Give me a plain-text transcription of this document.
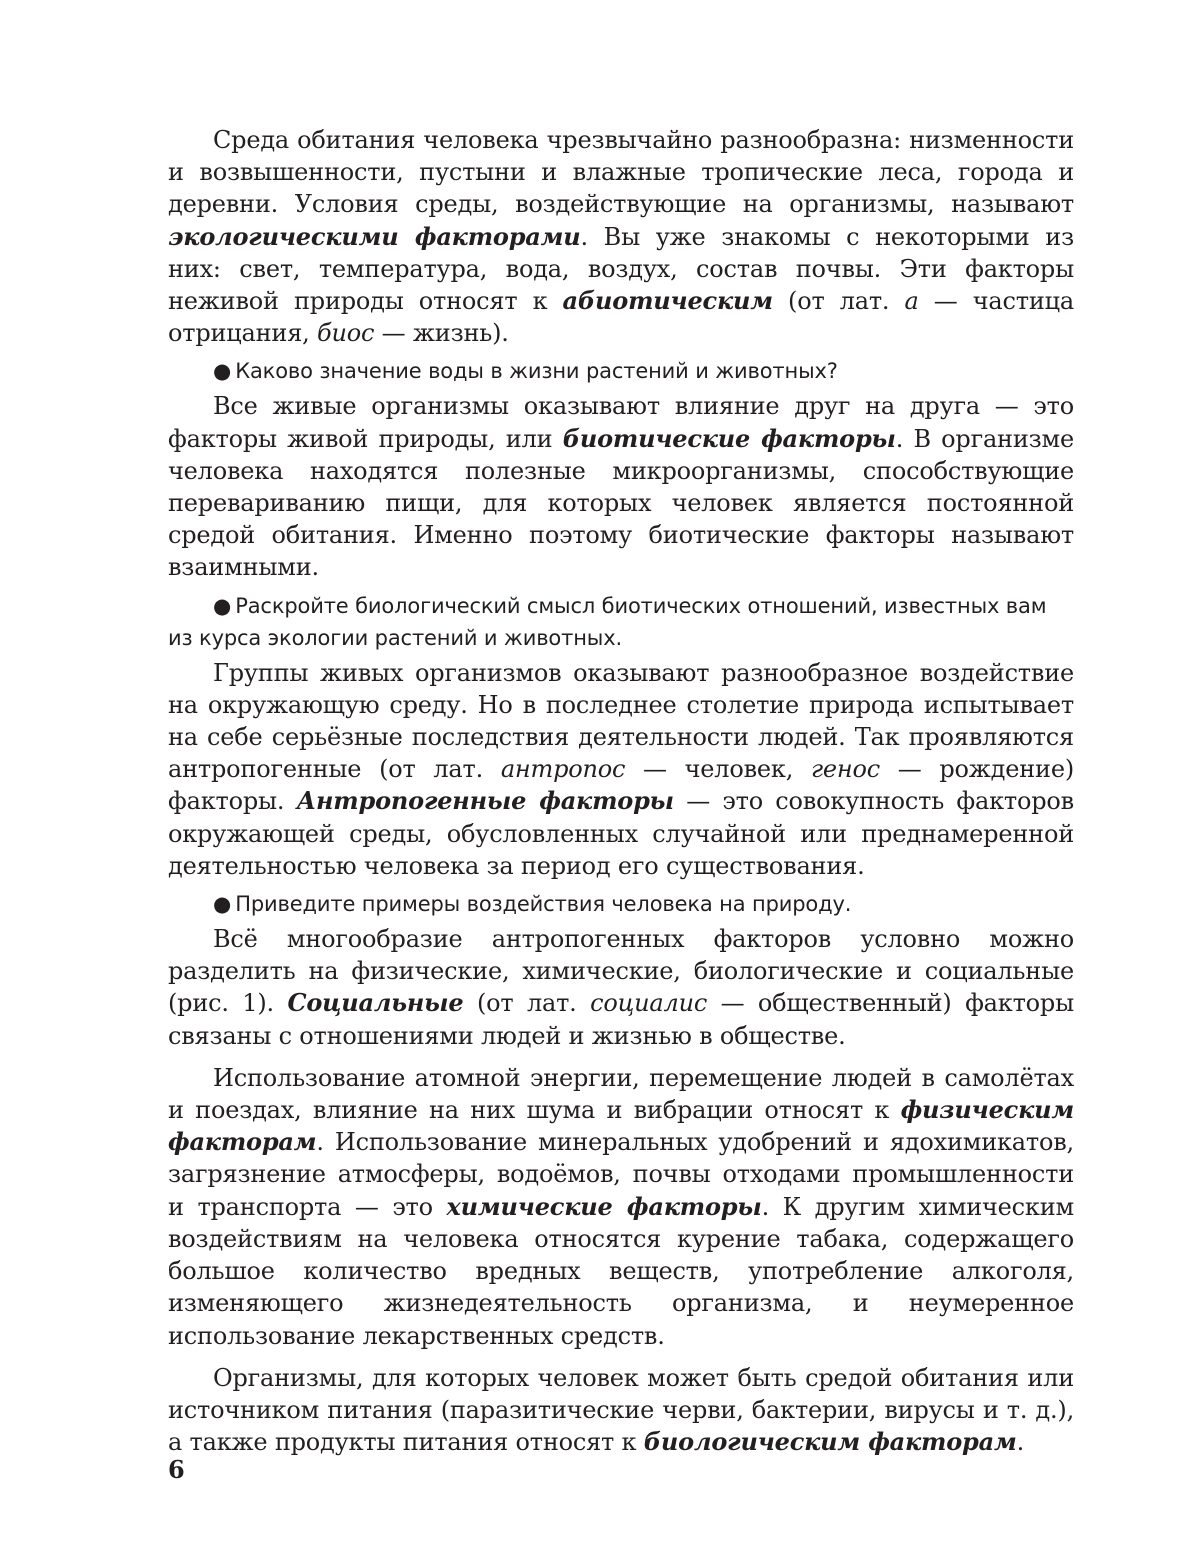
Среда обитания человека чрезвычайно разнообразна: низменности и возвышенности, пустыни и влажные тропические леса, города и деревни. Условия среды, воздействующие на организмы, называют экологическими факторами. Вы уже знакомы с некоторыми из них: свет, температура, вода, воздух, состав почвы. Эти факторы неживой природы относят к абиотическим (от лат. а — частица отрицания, биос — жизнь).

● Каково значение воды в жизни растений и животных?

Все живые организмы оказывают влияние друг на друга — это факторы живой природы, или биотические факторы. В организме человека находятся полезные микроорганизмы, способствующие перевариванию пищи, для которых человек является постоянной средой обитания. Именно поэтому биотические факторы называют взаимными.

● Раскройте биологический смысл биотических отношений, известных вам из курса экологии растений и животных.

Группы живых организмов оказывают разнообразное воздействие на окружающую среду. Но в последнее столетие природа испытывает на себе серьёзные последствия деятельности людей. Так проявляются антропогенные (от лат. антропос — человек, генос — рождение) факторы. Антропогенные факторы — это совокупность факторов окружающей среды, обусловленных случайной или преднамеренной деятельностью человека за период его существования.

● Приведите примеры воздействия человека на природу.

Всё многообразие антропогенных факторов условно можно разделить на физические, химические, биологические и социальные (рис. 1). Социальные (от лат. социалис — общественный) факторы связаны с отношениями людей и жизнью в обществе.

Использование атомной энергии, перемещение людей в самолётах и поездах, влияние на них шума и вибрации относят к физическим факторам. Использование минеральных удобрений и ядохимикатов, загрязнение атмосферы, водоёмов, почвы отходами промышленности и транспорта — это химические факторы. К другим химическим воздействиям на человека относятся курение табака, содержащего большое количество вредных веществ, употребление алкоголя, изменяющего жизнедеятельность организма, и неумеренное использование лекарственных средств.

Организмы, для которых человек может быть средой обитания или источником питания (паразитические черви, бактерии, вирусы и т. д.), а также продукты питания относят к биологическим факторам.

6
